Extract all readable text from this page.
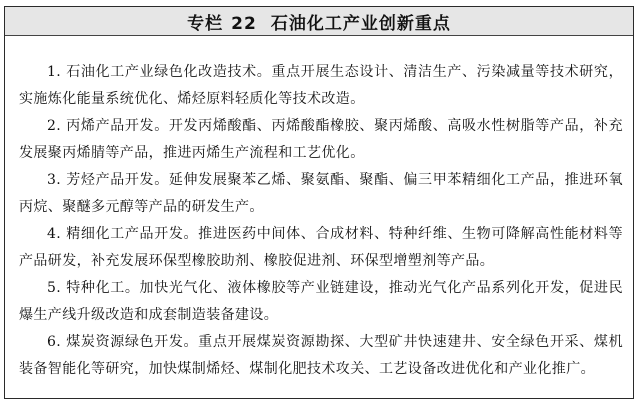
专栏 22 石油化工产业创新重点

1. 石油化工产业绿色化改造技术。重点开展生态设计、清洁生产、污染减量等技术研究，实施炼化能量系统优化、烯烃原料轻质化等技术改造。

2. 丙烯产品开发。开发丙烯酸酯、丙烯酸酯橡胶、聚丙烯酸、高吸水性树脂等产品，补充发展聚丙烯腈等产品，推进丙烯生产流程和工艺优化。

3. 芳烃产品开发。延伸发展聚苯乙烯、聚氨酯、聚酯、偏三甲苯精细化工产品，推进环氧丙烷、聚醚多元醇等产品的研发生产。

4. 精细化工产品开发。推进医药中间体、合成材料、特种纤维、生物可降解高性能材料等产品研发，补充发展环保型橡胶助剂、橡胶促进剂、环保型增塑剂等产品。

5. 特种化工。加快光气化、液体橡胶等产业链建设，推动光气化产品系列化开发，促进民爆生产线升级改造和成套制造装备建设。

6. 煤炭资源绿色开发。重点开展煤炭资源勘探、大型矿井快速建井、安全绿色开采、煤机装备智能化等研究，加快煤制烯烃、煤制化肥技术攻关、工艺设备改进优化和产业化推广。
